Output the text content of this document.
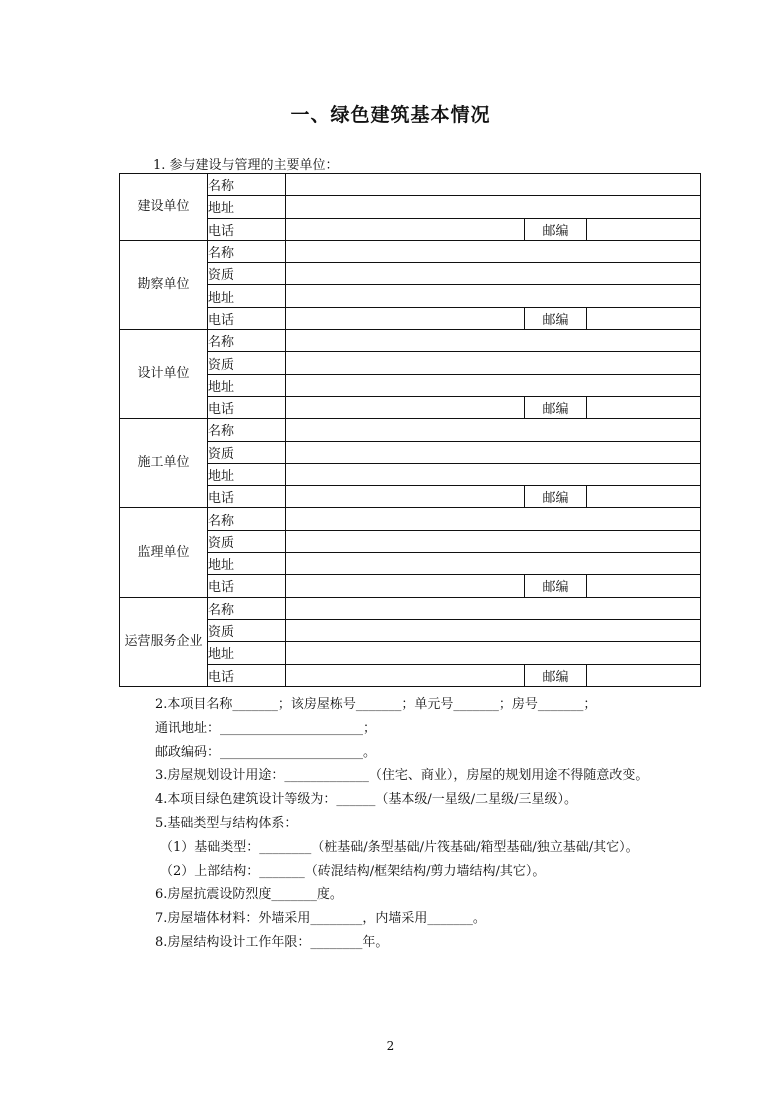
一、绿色建筑基本情况
1. 参与建设与管理的主要单位：
建设单位	名称			
	地址			
	电话		邮编	
勘察单位	名称			
	资质			
	地址			
	电话		邮编	
设计单位	名称			
	资质			
	地址			
	电话		邮编	
施工单位	名称			
	资质			
	地址			
	电话		邮编	
监理单位	名称			
	资质			
	地址			
	电话		邮编	
运营服务企业	名称			
	资质			
	地址			
	电话		邮编	
2.本项目名称_______；该房屋栋号_______；单元号_______；房号_______；
通讯地址：______________________；
邮政编码：______________________。
3.房屋规划设计用途：_____________（住宅、商业），房屋的规划用途不得随意改变。
4.本项目绿色建筑设计等级为：______（基本级/一星级/二星级/三星级）。
5.基础类型与结构体系：
（1）基础类型：________（桩基础/条型基础/片筏基础/箱型基础/独立基础/其它）。
（2）上部结构：_______（砖混结构/框架结构/剪力墙结构/其它）。
6.房屋抗震设防烈度_______度。
7.房屋墙体材料：外墙采用________，内墙采用_______。
8.房屋结构设计工作年限：________年。
2
